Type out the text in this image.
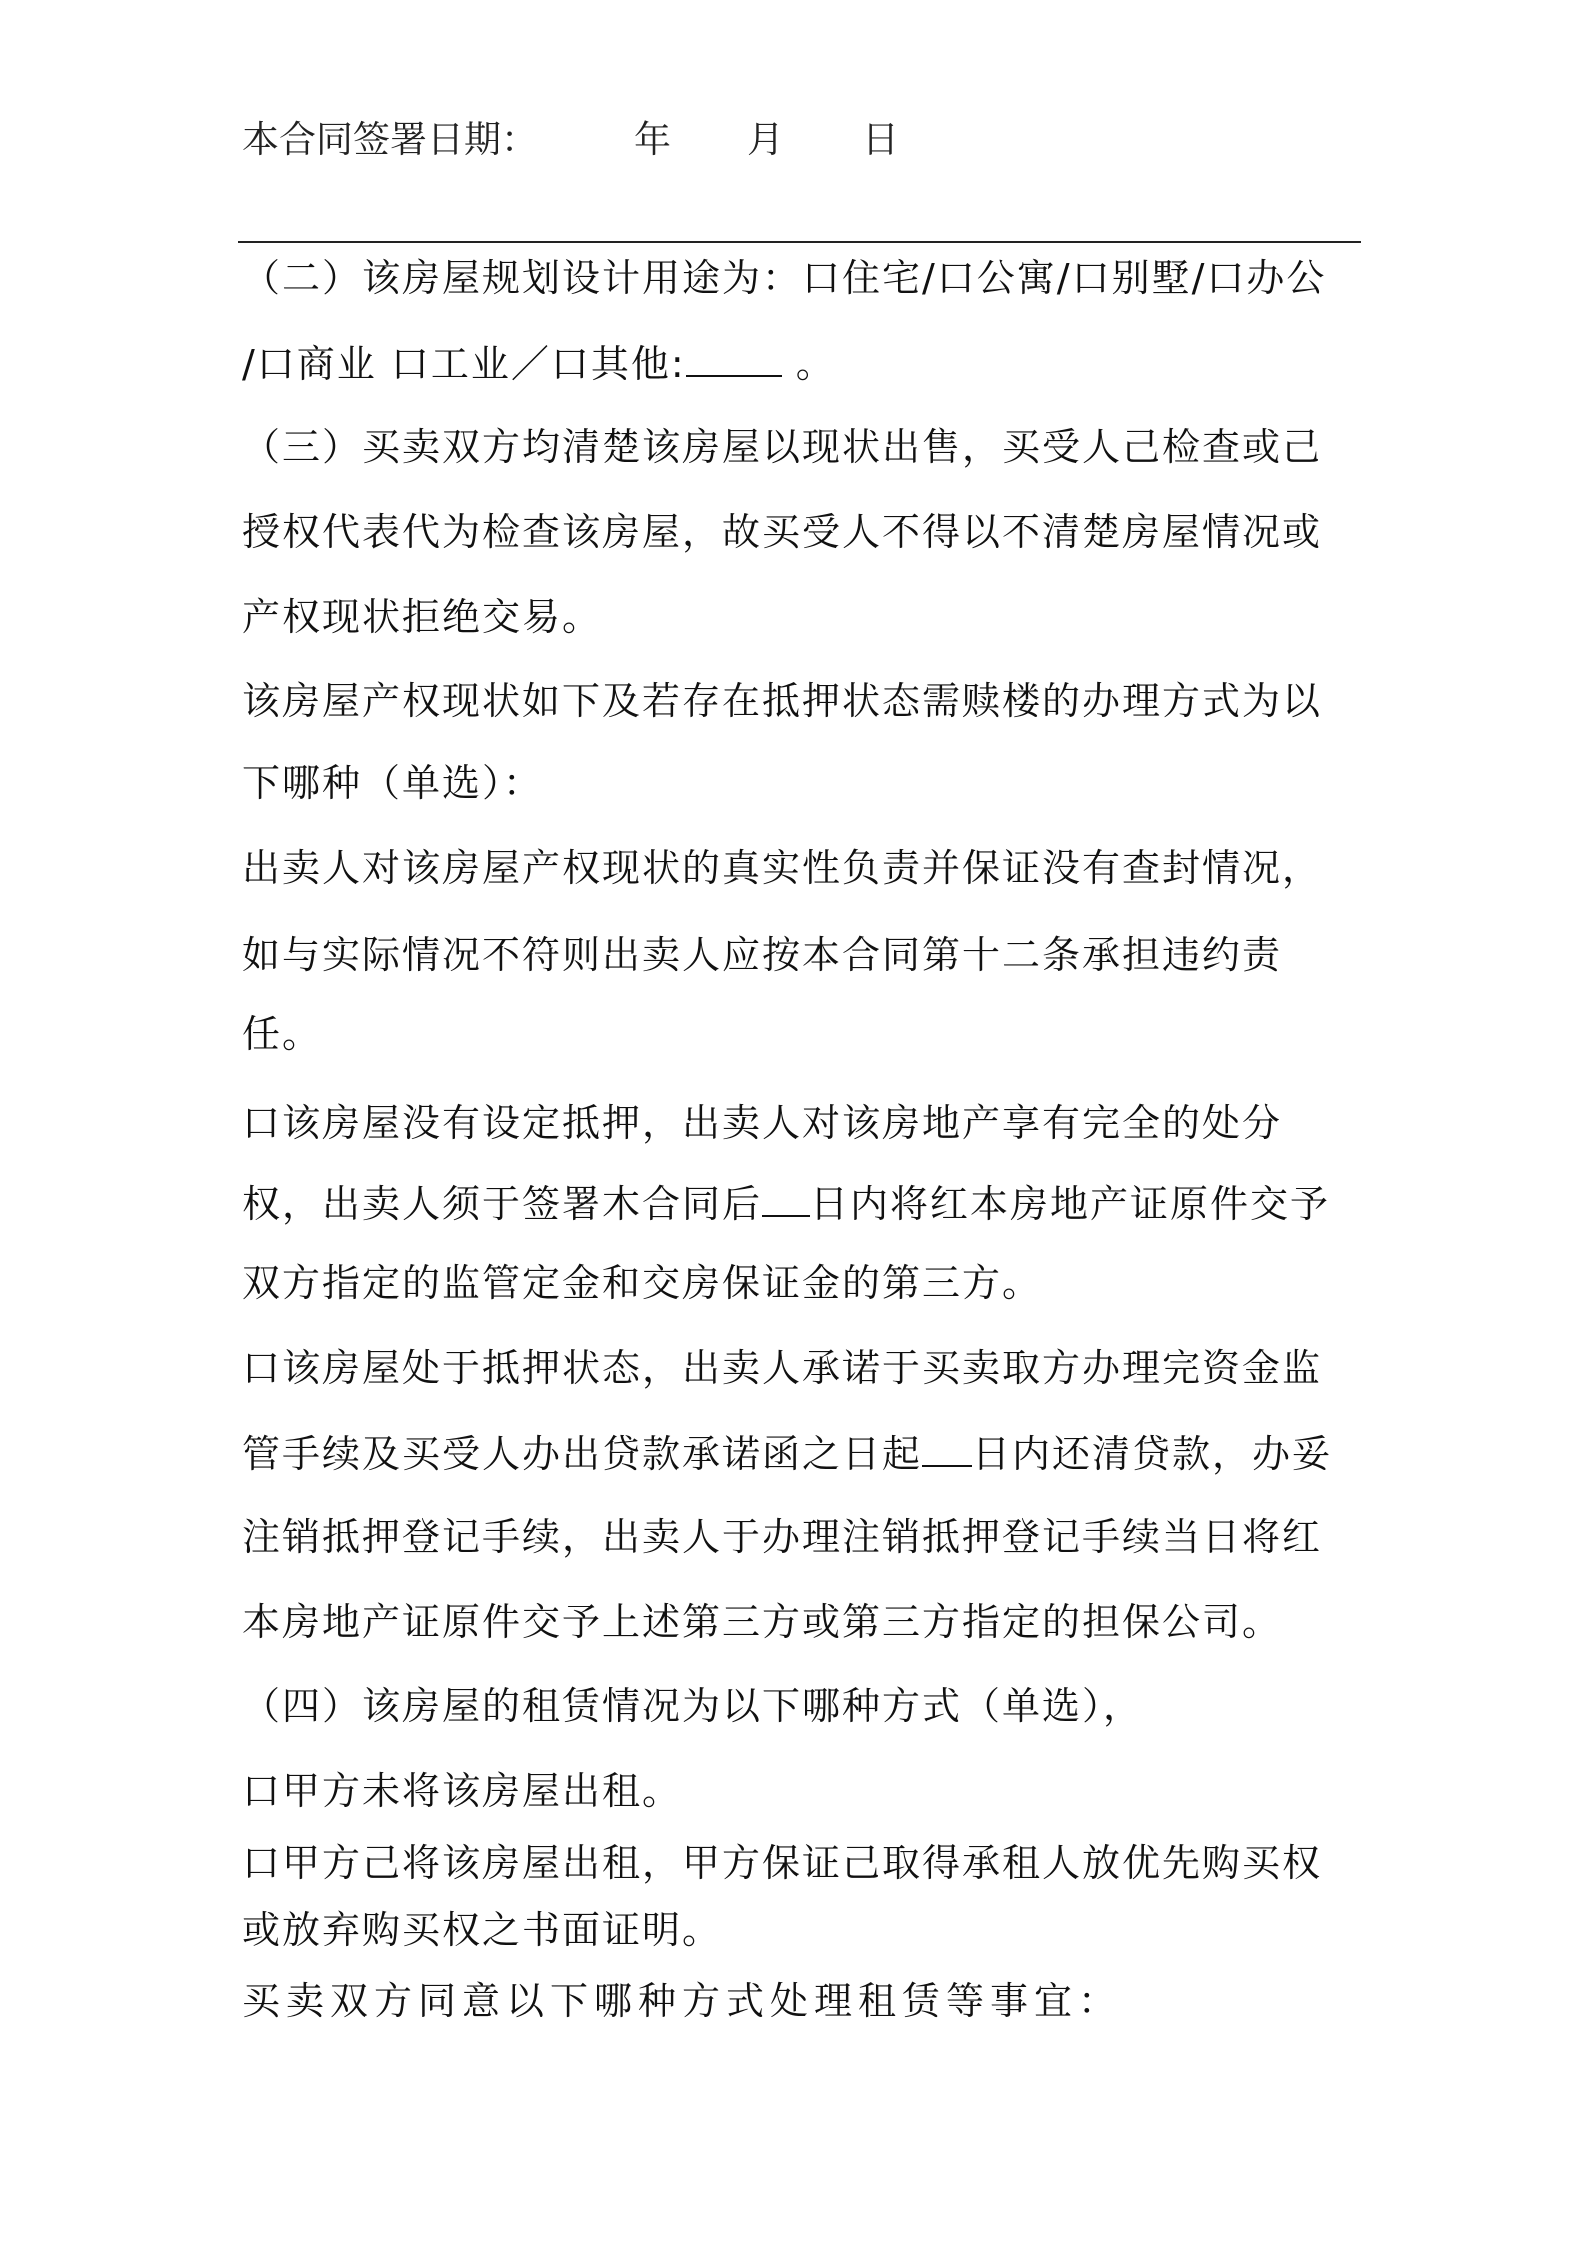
本合同签署日期：	年 月 日
（二）该房屋规划设计用途为：口住宅/口公寓/口别墅/口办公
/口商业 口工业／口其他:	。
（三）买卖双方均清楚该房屋以现状出售，买受人己检查或己
授权代表代为检查该房屋，故买受人不得以不清楚房屋情况或
产权现状拒绝交易。
该房屋产权现状如下及若存在抵押状态需赎楼的办理方式为以
下哪种（单选）：
出卖人对该房屋产权现状的真实性负责并保证没有查封情况，
如与实际情况不符则出卖人应按本合同第十二条承担违约责
任。
口该房屋没有设定抵押，出卖人对该房地产享有完全的处分
权，出卖人须于签署木合同后 日内将红本房地产证原件交予
双方指定的监管定金和交房保证金的第三方。
口该房屋处于抵押状态，出卖人承诺于买卖取方办理完资金监
管手续及买受人办出贷款承诺函之日起 日内还清贷款，办妥
注销抵押登记手续，出卖人于办理注销抵押登记手续当日将红
本房地产证原件交予上述第三方或第三方指定的担保公司。
（四）该房屋的租赁情况为以下哪种方式（单选），
口甲方未将该房屋出租。
口甲方己将该房屋出租，甲方保证己取得承租人放优先购买权
或放弃购买权之书面证明。
买卖双方同意以下哪种方式处理租赁等事宜：
